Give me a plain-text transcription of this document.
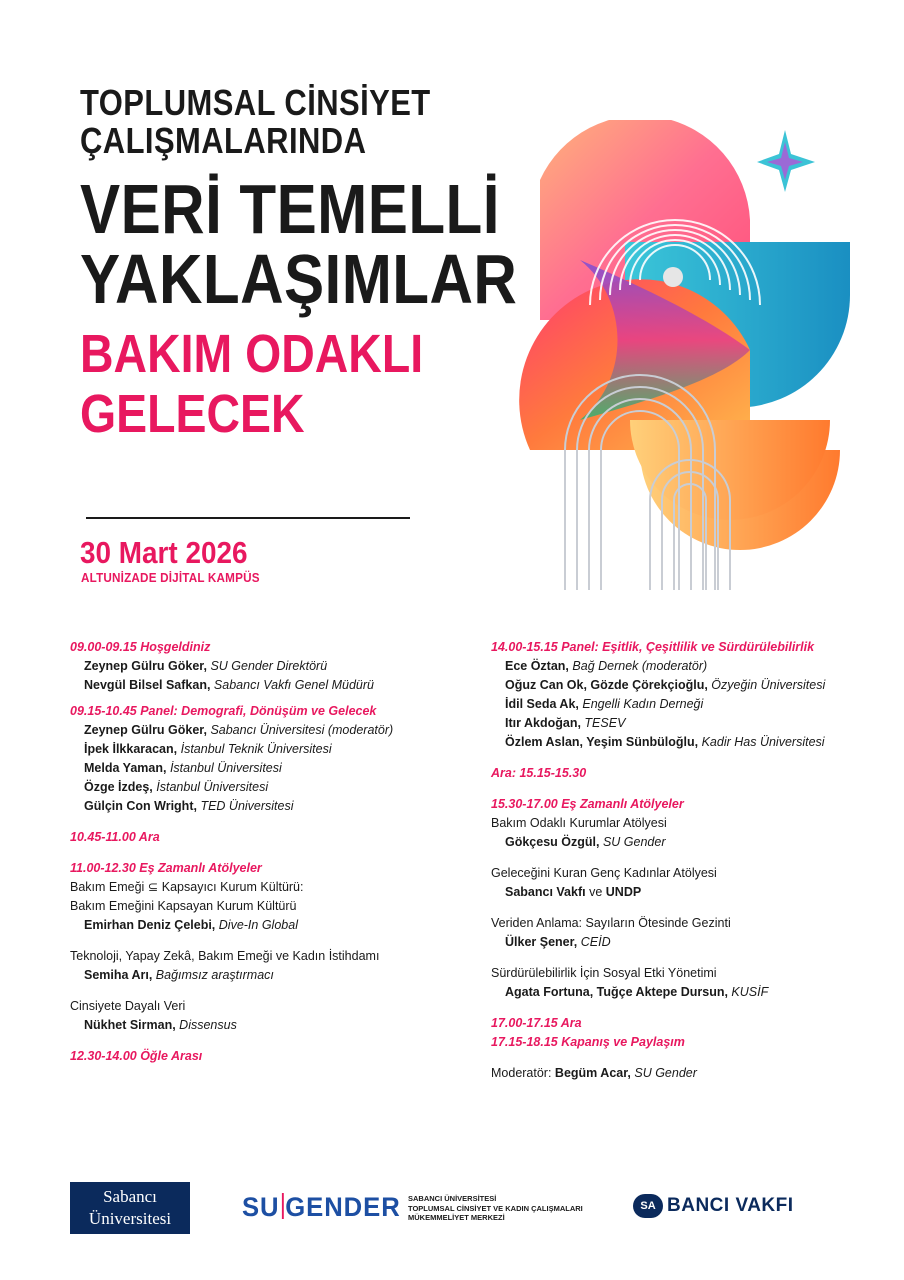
TOPLUMSAL CİNSİYET
ÇALIŞMALARINDA
VERİ TEMELLİ
YAKLAŞIMLAR
BAKIM ODAKLI
GELECEK
30 Mart 2026
ALTUNİZADE DİJİTAL KAMPÜS
09.00-09.15 Hoşgeldiniz
Zeynep Gülru Göker, SU Gender Direktörü
Nevgül Bilsel Safkan, Sabancı Vakfı Genel Müdürü
09.15-10.45 Panel: Demografi, Dönüşüm ve Gelecek
Zeynep Gülru Göker, Sabancı Üniversitesi (moderatör)
İpek İlkkaracan, İstanbul Teknik Üniversitesi
Melda Yaman, İstanbul Üniversitesi
Özge İzdeş, İstanbul Üniversitesi
Gülçin Con Wright, TED Üniversitesi
10.45-11.00 Ara
11.00-12.30 Eş Zamanlı Atölyeler
Bakım Emeği ⊆ Kapsayıcı Kurum Kültürü:
Bakım Emeğini Kapsayan Kurum Kültürü
Emirhan Deniz Çelebi, Dive-In Global
Teknoloji, Yapay Zekâ, Bakım Emeği ve Kadın İstihdamı
Semiha Arı, Bağımsız araştırmacı
Cinsiyete Dayalı Veri
Nükhet Sirman, Dissensus
12.30-14.00 Öğle Arası
14.00-15.15 Panel: Eşitlik, Çeşitlilik ve Sürdürülebilirlik
Ece Öztan, Bağ Dernek (moderatör)
Oğuz Can Ok, Gözde Çörekçioğlu, Özyeğin Üniversitesi
İdil Seda Ak, Engelli Kadın Derneği
Itır Akdoğan, TESEV
Özlem Aslan, Yeşim Sünbüloğlu, Kadir Has Üniversitesi
Ara: 15.15-15.30
15.30-17.00 Eş Zamanlı Atölyeler
Bakım Odaklı Kurumlar Atölyesi
Gökçesu Özgül, SU Gender
Geleceğini Kuran Genç Kadınlar Atölyesi
Sabancı Vakfı ve UNDP
Veriden Anlama: Sayıların Ötesinde Gezinti
Ülker Şener, CEİD
Sürdürülebilirlik İçin Sosyal Etki Yönetimi
Agata Fortuna, Tuğçe Aktepe Dursun, KUSİF
17.00-17.15 Ara
17.15-18.15 Kapanış ve Paylaşım
Moderatör: Begüm Acar, SU Gender
Sabancı
Üniversitesi	SU GENDER SABANCI ÜNİVERSİTESİ
TOPLUMSAL CİNSİYET VE KADIN ÇALIŞMALARI
MÜKEMMELİYET MERKEZİ
SA BANCI VAKFI
